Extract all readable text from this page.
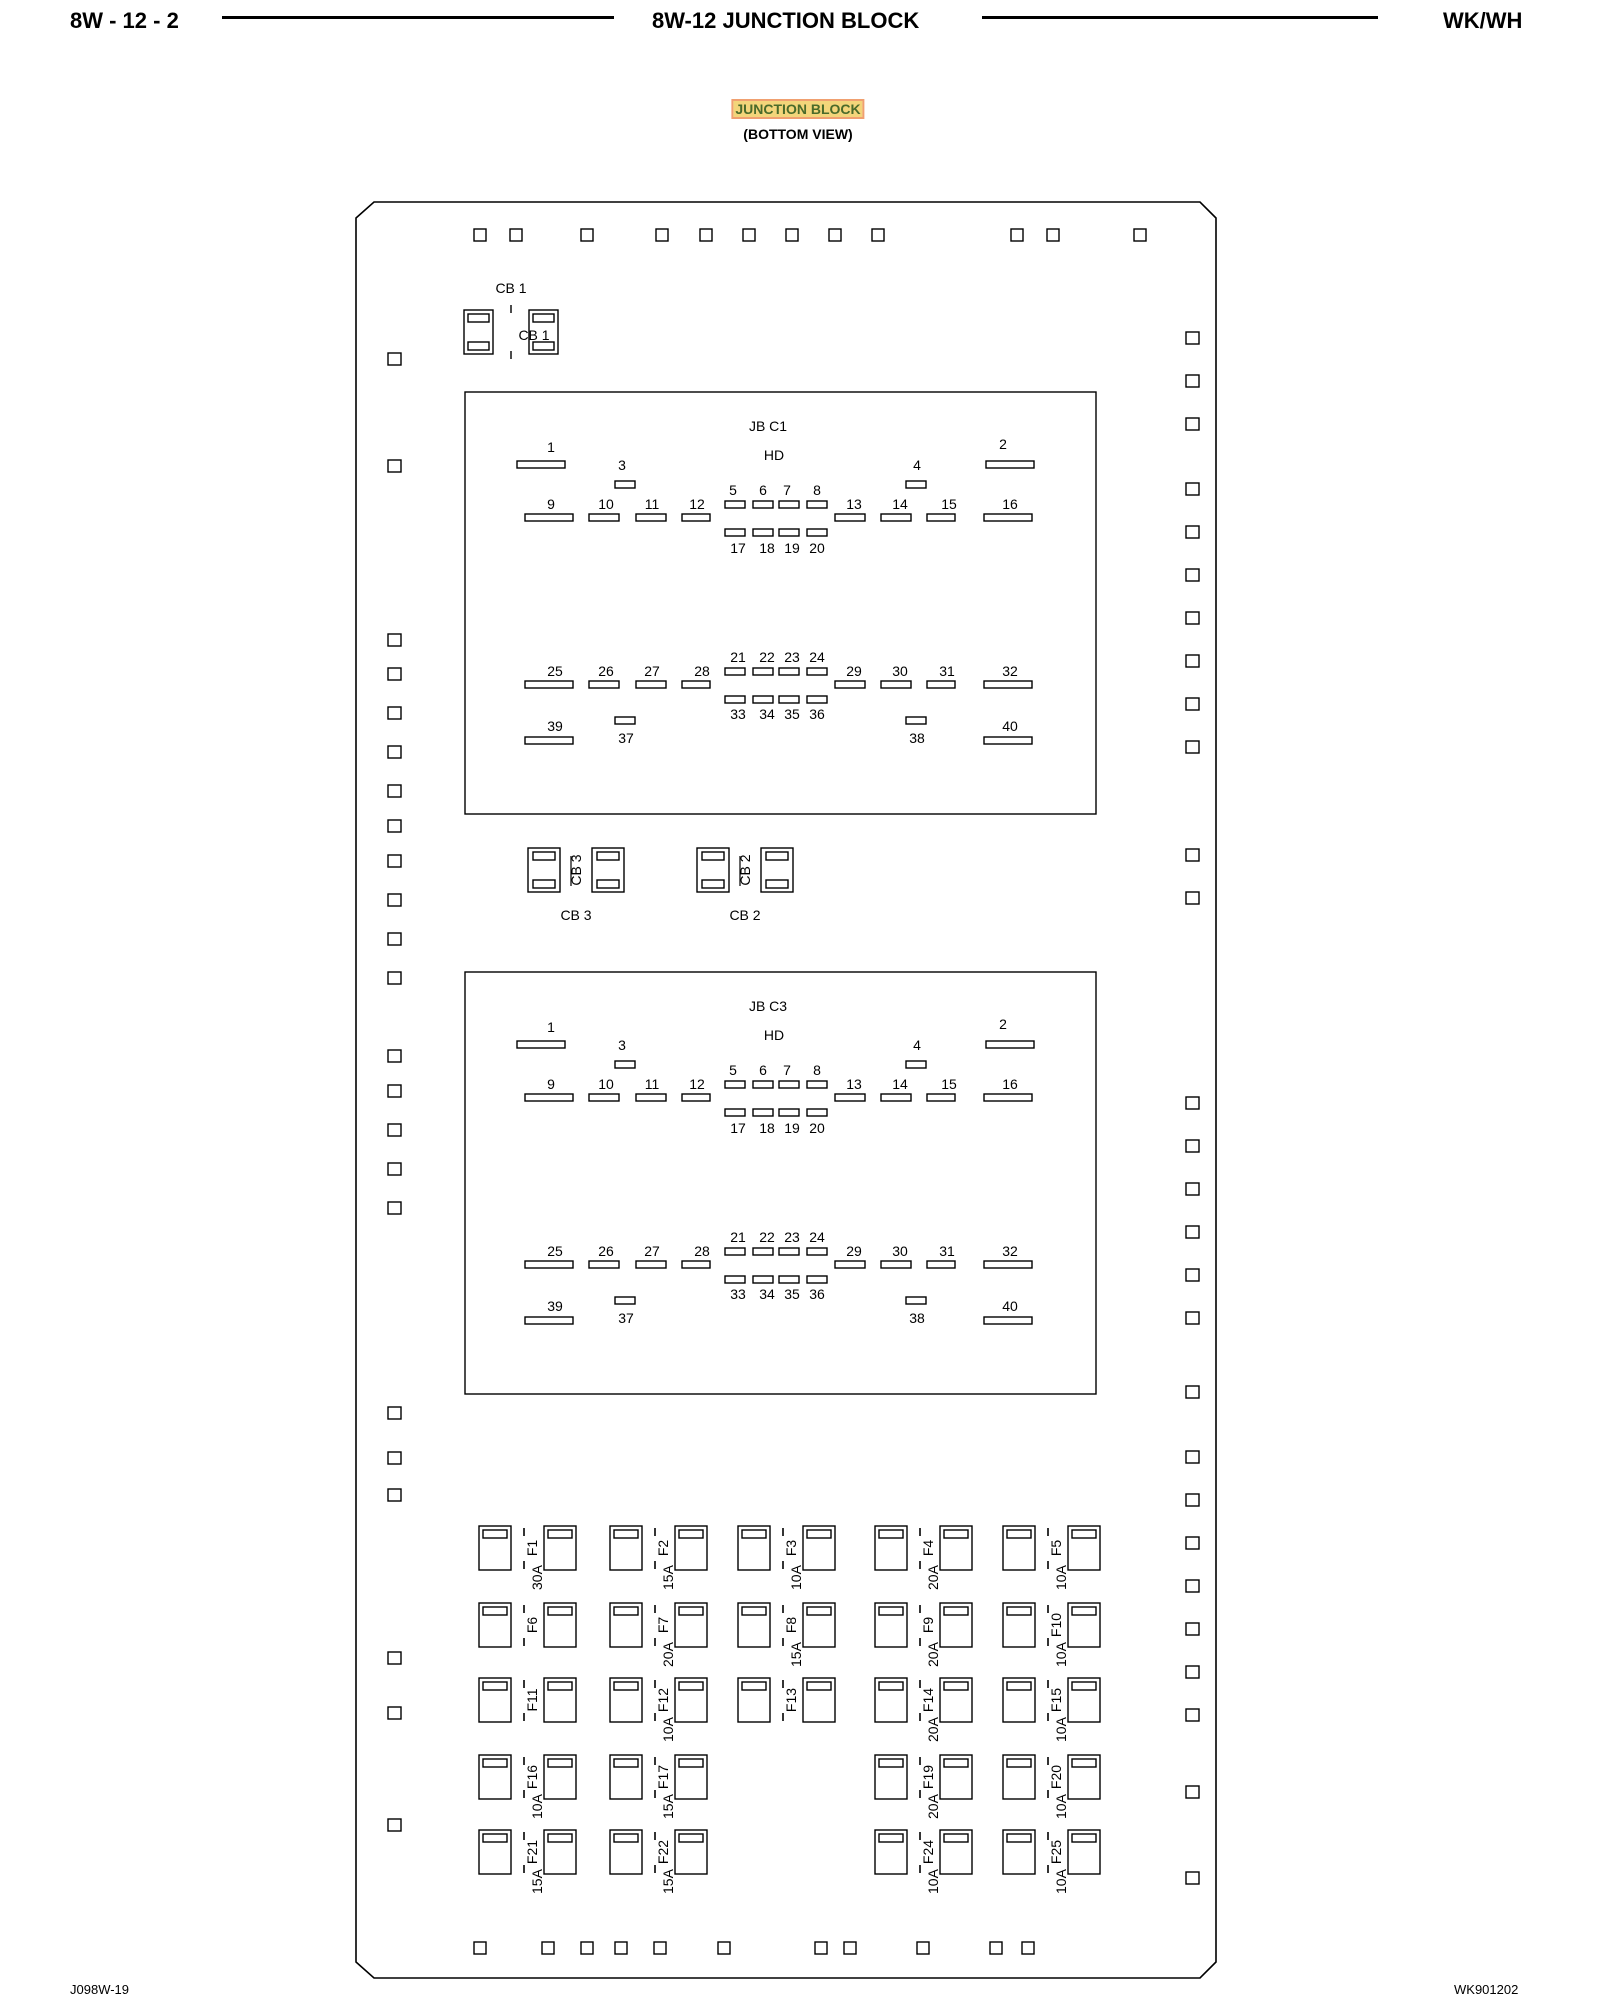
8W - 12 - 2	8W-12 JUNCTION BLOCK	WK/WH
JUNCTION BLOCK
(BOTTOM VIEW)
CB 1
CB 1
CB 3
CB 3
CB 2
CB 2
JB C1
HD
1	2
3	4
5 6 7 8
9	10 11 12	13 14 15	16
17 18 19 20
21 22 23 24
25	26 27 28	29 30 31	32
33 34 35 36
37	38
39	40
JB C3
HD
1	2
3	4
5 6 7 8
9	10 11 12	13 14 15	16
17 18 19 20
21 22 23 24
25	26 27 28	29 30 31	32
33 34 35 36
37	38
39	40
F1
30A
F2
15A
F3
10A
F4
20A
F5
10A
F6	F7
20A
F8
15A
F9
20A
F10
10A
F11	F12
10A
F13	F14
20A
F15
10A
F16
10A
F17
15A
F19
20A
F20
10A
F21
15A
F22
15A
F24
10A
F25
10A
J098W-19	WK901202
